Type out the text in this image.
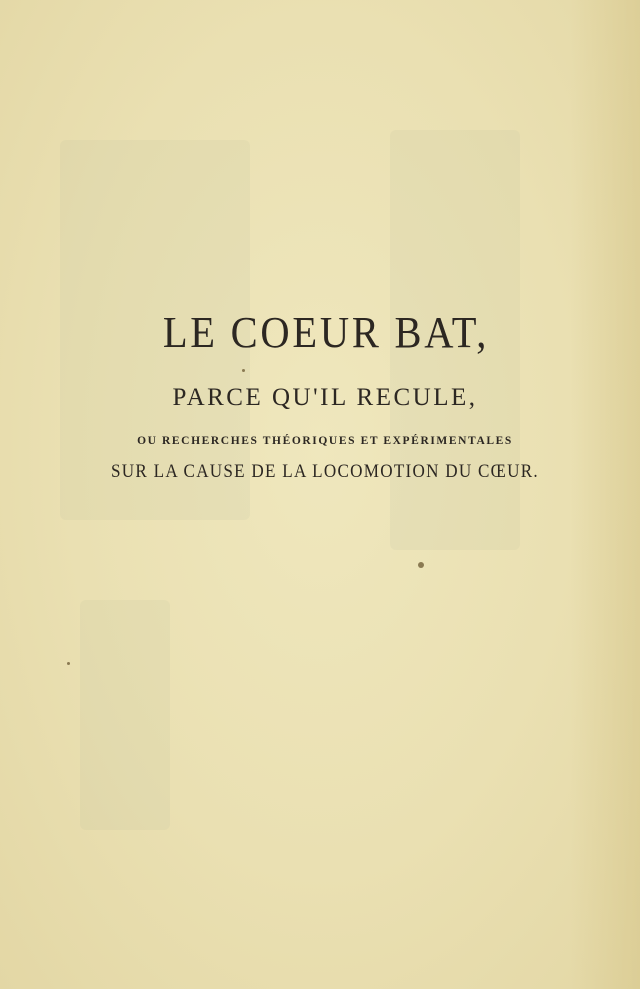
LE COEUR BAT,
PARCE QU'IL RECULE,
OU RECHERCHES THÉORIQUES ET EXPÉRIMENTALES
SUR LA CAUSE DE LA LOCOMOTION DU CŒUR.
